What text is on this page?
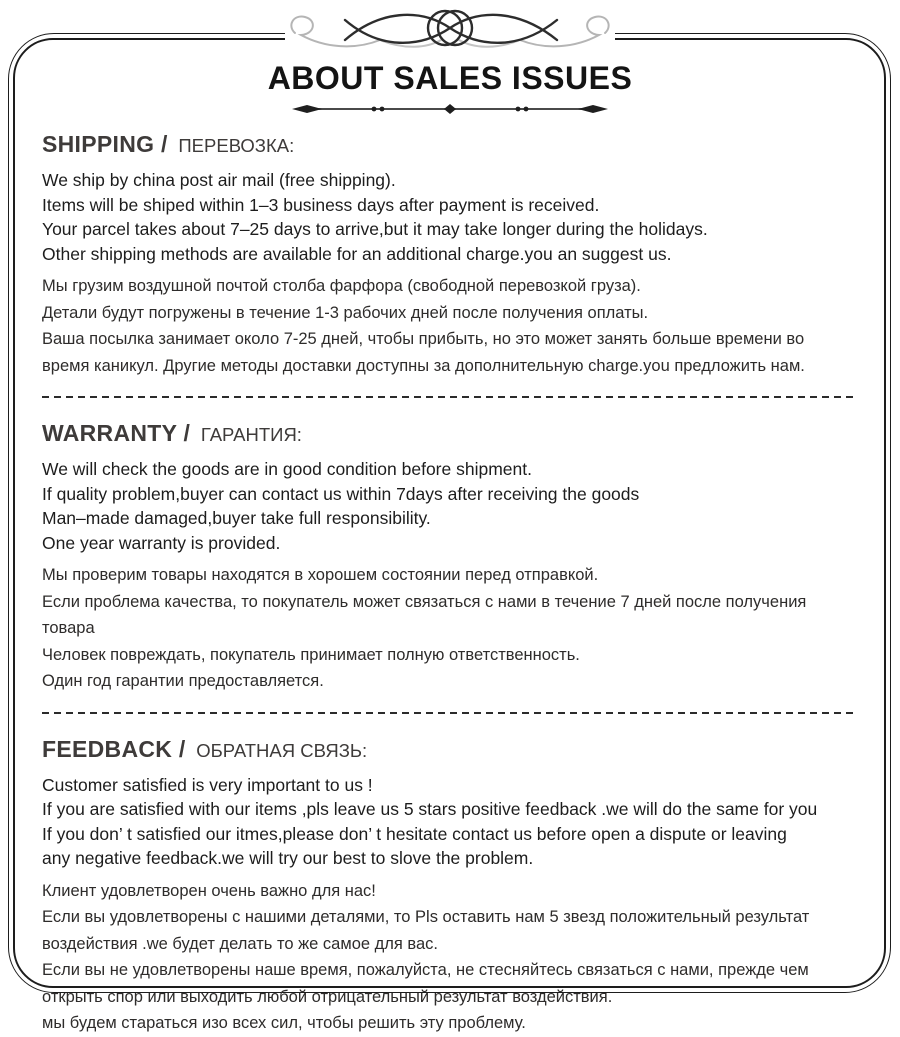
ABOUT SALES ISSUES
SHIPPING / ПЕРЕВОЗКА:
We ship by china post air mail (free shipping).
Items will be shiped within 1–3 business days after payment is received.
Your parcel takes about 7–25 days to arrive,but it may take longer during the holidays.
Other shipping methods are available for an additional charge.you an suggest us.
Мы грузим воздушной почтой столба фарфора (свободной перевозкой груза).
Детали будут погружены в течение 1-3 рабочих дней после получения оплаты.
Ваша посылка занимает около 7-25 дней, чтобы прибыть, но это может занять больше времени во
время каникул. Другие методы доставки доступны за дополнительную charge.you предложить нам.
WARRANTY / ГАРАНТИЯ:
We will check the goods are in good condition before shipment.
If quality problem,buyer can contact us within 7days after receiving the goods
Man–made damaged,buyer take full responsibility.
One year warranty is provided.
Мы проверим товары находятся в хорошем состоянии перед отправкой.
Если проблема качества, то покупатель может связаться с нами в течение 7 дней после получения товара
Человек повреждать, покупатель принимает полную ответственность.
Один год гарантии предоставляется.
FEEDBACK / ОБРАТНАЯ СВЯЗЬ:
Customer satisfied is very important to us !
If you are satisfied with our items ,pls leave us 5 stars positive feedback .we will do the same for you
If you don’ t satisfied our itmes,please don’ t hesitate contact us before open a dispute or leaving
any negative feedback.we will try our best to slove the problem.
Клиент удовлетворен очень важно для нас!
Если вы удовлетворены с нашими деталями, то Pls оставить нам 5 звезд положительный результат
воздействия .we будет делать то же самое для вас.
Если вы не удовлетворены наше время, пожалуйста, не стесняйтесь связаться с нами, прежде чем
открыть спор или выходить любой отрицательный результат воздействия.
мы будем стараться изо всех сил, чтобы решить эту проблему.
